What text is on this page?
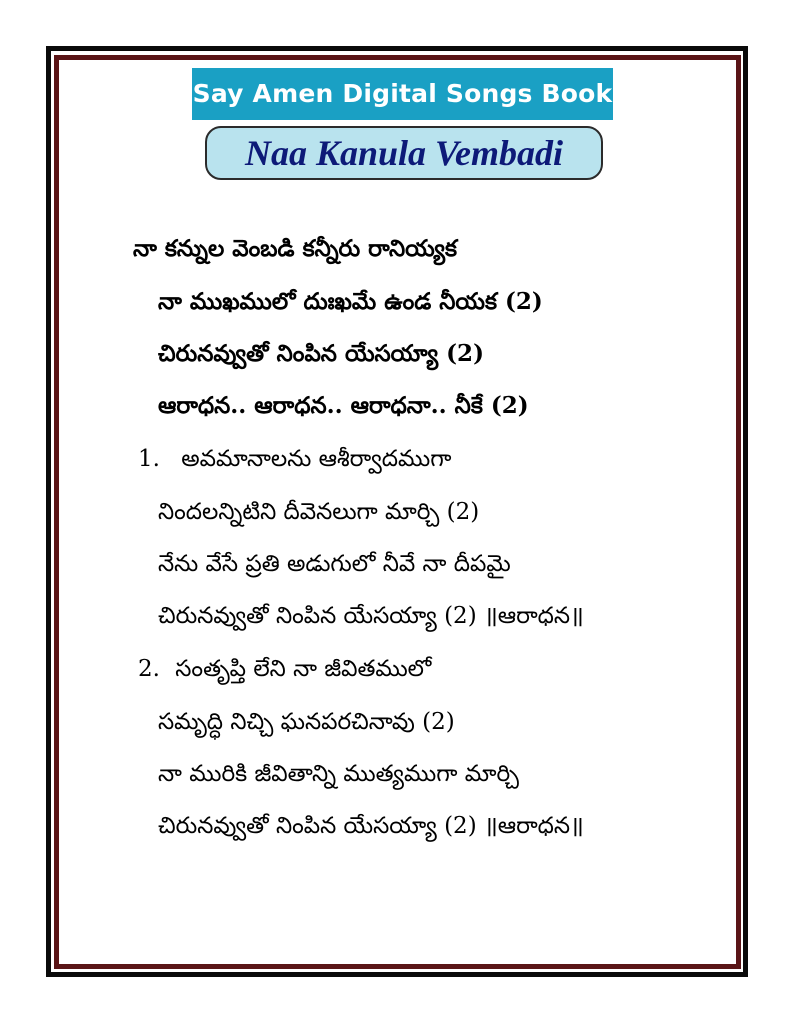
Say Amen Digital Songs Book
Naa Kanula Vembadi
నా కన్నుల వెంబడి కన్నీరు రానియ్యక
నా ముఖములో దుఃఖమే ఉండ నీయక (2)
చిరునవ్వుతో నింపిన యేసయ్యా (2)
ఆరాధన.. ఆరాధన.. ఆరాధనా.. నీకే (2)
1. అవమానాలను ఆశీర్వాదముగా
నిందలన్నిటిని దీవెనలుగా మార్చి (2)
నేను వేసే ప్రతి అడుగులో నీవే నా దీపమై
చిరునవ్వుతో నింపిన యేసయ్యా (2) ॥ఆరాధన॥
2. సంతృప్తి లేని నా జీవితములో
సమృద్ధి నిచ్చి ఘనపరచినావు (2)
నా మురికి జీవితాన్ని ముత్యముగా మార్చి
చిరునవ్వుతో నింపిన యేసయ్యా (2) ॥ఆరాధన॥
